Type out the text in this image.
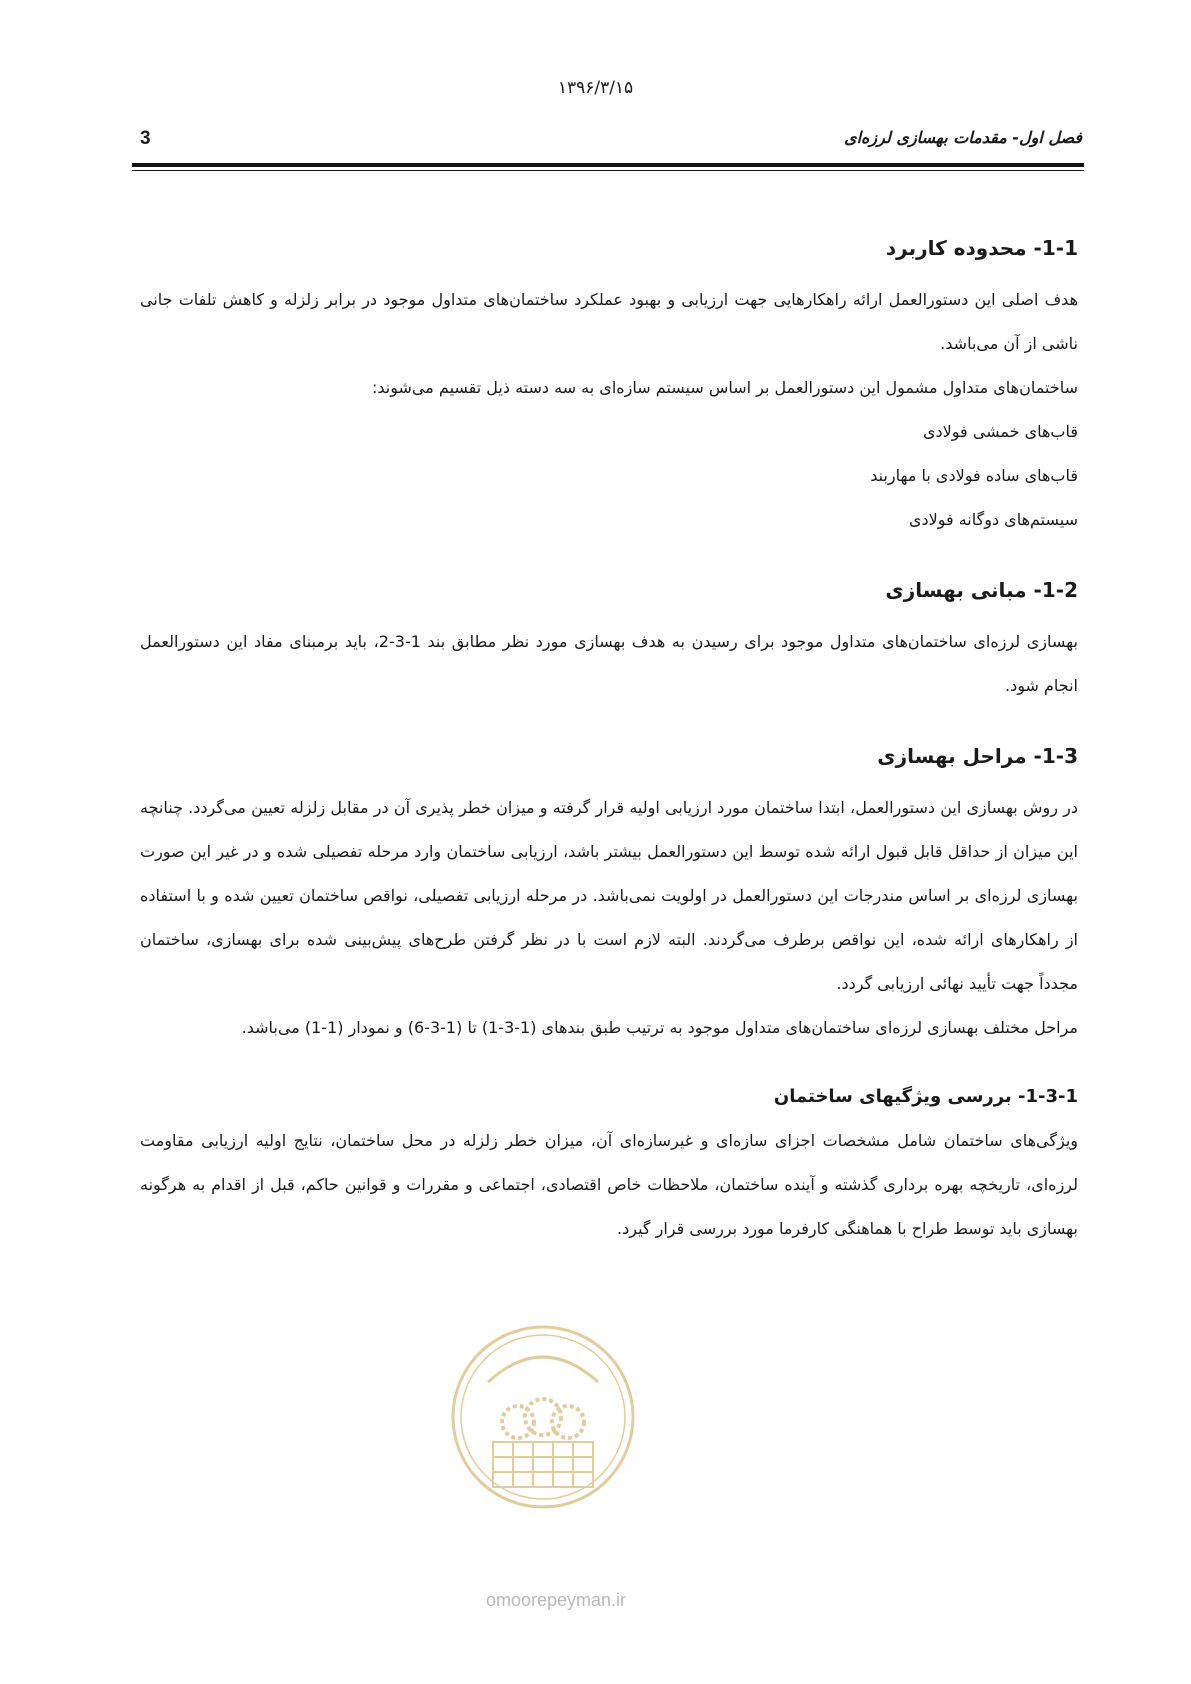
۱۳۹۶/۳/۱۵
3	فصل اول- مقدمات بهسازی لرزه‌ای
1-1- محدوده کاربرد

هدف اصلی این دستورالعمل ارائه راهکارهایی جهت ارزیابی و بهبود عملکرد ساختمان‌های متداول موجود در برابر زلزله و کاهش تلفات جانی ناشی از آن می‌باشد.

ساختمان‌های متداول مشمول این دستورالعمل بر اساس سیستم سازه‌ای به سه دسته ذیل تقسیم می‌شوند:

قاب‌های خمشی فولادی
قاب‌های ساده فولادی با مهاربند
سیستم‌های دوگانه فولادی
1-2- مبانی بهسازی

بهسازی لرزه‌ای ساختمان‌های متداول موجود برای رسیدن به هدف بهسازی مورد نظر مطابق بند 1-3-2، باید برمبنای مفاد این دستورالعمل انجام شود.

1-3- مراحل بهسازی

در روش بهسازی این دستورالعمل، ابتدا ساختمان مورد ارزیابی اولیه قرار گرفته و میزان خطر پذیری آن در مقابل زلزله تعیین می‌گردد. چنانچه این میزان از حداقل قابل قبول ارائه شده توسط این دستورالعمل بیشتر باشد، ارزیابی ساختمان وارد مرحله تفصیلی شده و در غیر این صورت بهسازی لرزه‌ای بر اساس مندرجات این دستورالعمل در اولویت نمی‌باشد. در مرحله ارزیابی تفصیلی، نواقص ساختمان تعیین شده و با استفاده از راهکارهای ارائه شده، این نواقص برطرف می‌گردند. البته لازم است با در نظر گرفتن طرح‌های پیش‌بینی شده برای بهسازی، ساختمان مجدداً جهت تأیید نهائی ارزیابی گردد.

مراحل مختلف بهسازی لرزه‌ای ساختمان‌های متداول موجود به ترتیب طبق بندهای (1-3-1) تا (1-3-6) و نمودار (1-1) می‌باشد.

1-3-1- بررسی ویژگیهای ساختمان

ویژگی‌های ساختمان شامل مشخصات اجزای سازه‌ای و غیرسازه‌ای آن، میزان خطر زلزله در محل ساختمان، نتایج اولیه ارزیابی مقاومت لرزه‌ای، تاریخچه بهره برداری گذشته و آینده ساختمان، ملاحظات خاص اقتصادی، اجتماعی و مقررات و قوانین حاکم، قبل از اقدام به هرگونه بهسازی باید توسط طراح با هماهنگی کارفرما مورد بررسی قرار گیرد.

omoorepeyman.ir
